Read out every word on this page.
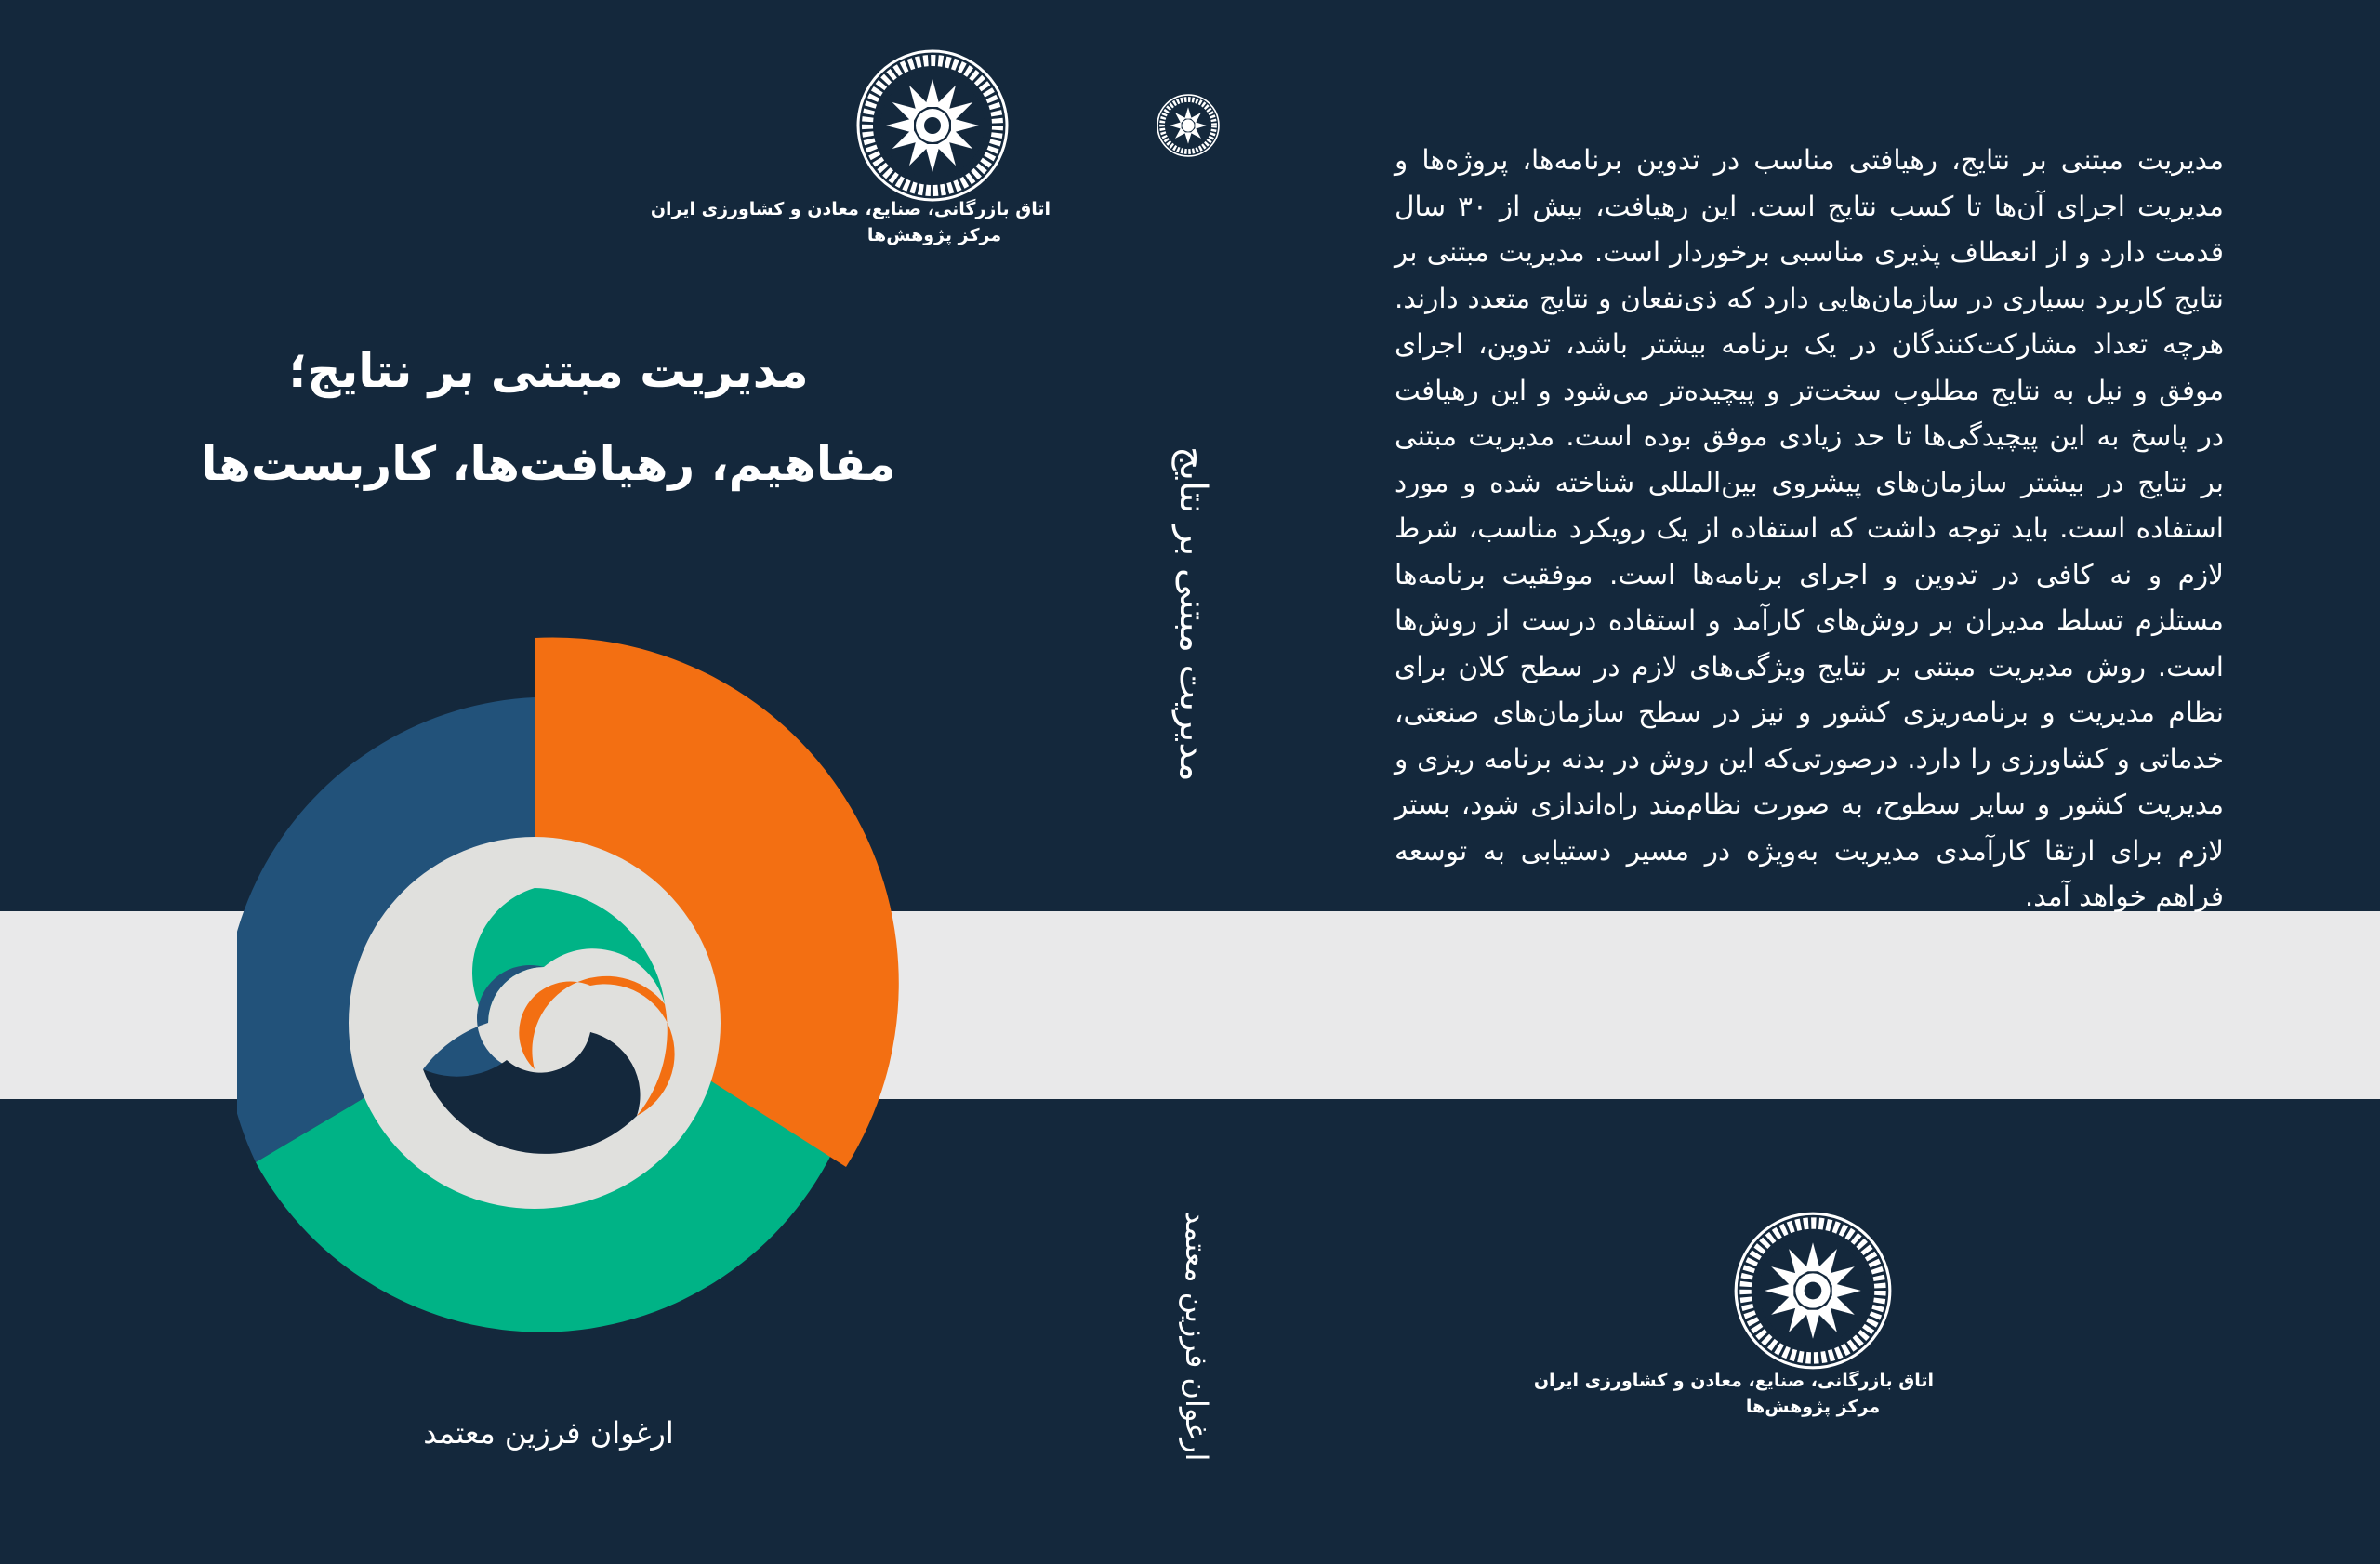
اتاق بازرگانی، صنایع، معادن و کشاورزی ایران
مرکز پژوهش‌ها
مدیریت مبتنی بر نتایج؛
مفاهیم، رهیافت‌ها، کاربست‌ها
ارغوان فرزین معتمد
مدیریت مبتنی بر نتایج
ارغوان فرزین معتمد
مدیریت مبتنی بر نتایج، رهیافتی مناسب در تدوین برنامه‌ها، پروژه‌ها و مدیریت اجرای آن‌ها تا کسب نتایج است. این رهیافت، بیش از ۳۰ سال قدمت دارد و از انعطاف پذیری مناسبی برخوردار است. مدیریت مبتنی بر نتایج کاربرد بسیاری در سازمان‌هایی دارد که ذی‌نفعان و نتایج متعدد دارند. هرچه تعداد مشارکت‌کنندگان در یک برنامه بیشتر باشد، تدوین، اجرای موفق و نیل به نتایج مطلوب سخت‌تر و پیچیده‌تر می‌شود و این رهیافت در پاسخ به این پیچیدگی‌ها تا حد زیادی موفق بوده است. مدیریت مبتنی بر نتایج در بیشتر سازمان‌های پیشروی بین‌المللی شناخته شده و مورد استفاده است. باید توجه داشت که استفاده از یک رویکرد مناسب، شرط لازم و نه کافی در تدوین و اجرای برنامه‌ها است. موفقیت برنامه‌ها مستلزم تسلط مدیران بر روش‌های کارآمد و استفاده درست از روش‌ها است. روش مدیریت مبتنی بر نتایج ویژگی‌های لازم در سطح کلان برای نظام مدیریت و برنامه‌ریزی کشور و نیز در سطح سازمان‌های صنعتی، خدماتی و کشاورزی را دارد. درصورتی‌که این روش در بدنه برنامه ریزی و مدیریت کشور و سایر سطوح، به صورت نظام‌مند راه‌اندازی شود، بستر لازم برای ارتقا کارآمدی مدیریت به‌ویژه در مسیر دستیابی به توسعه فراهم خواهد آمد.
اتاق بازرگانی، صنایع، معادن و کشاورزی ایران
مرکز پژوهش‌ها
